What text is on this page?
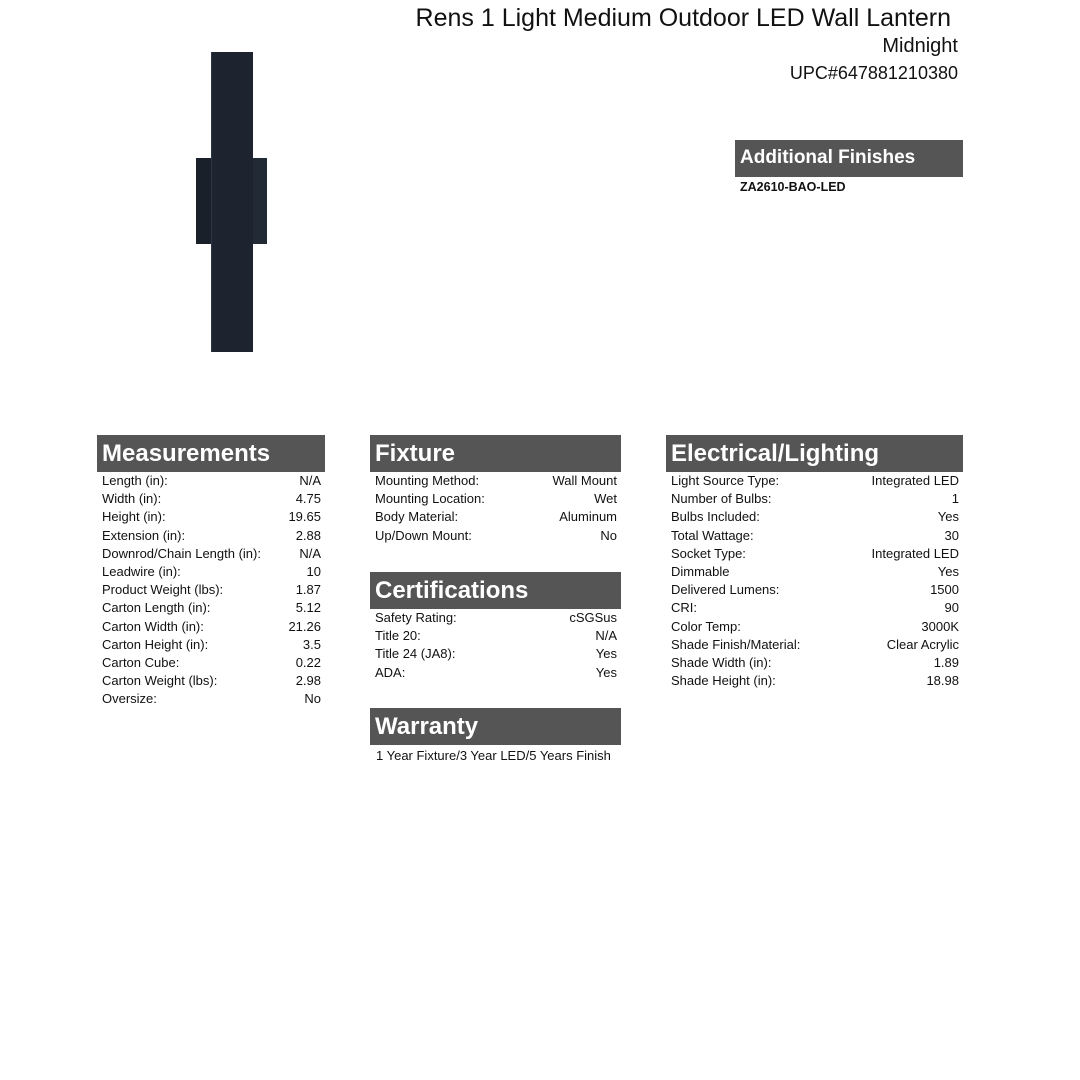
Rens 1 Light Medium Outdoor LED Wall Lantern
Midnight
UPC#647881210380
Additional Finishes
ZA2610-BAO-LED
Measurements
Length (in):	N/A
Width (in):	4.75
Height (in):	19.65
Extension (in):	2.88
Downrod/Chain Length (in):	N/A
Leadwire (in):	10
Product Weight (lbs):	1.87
Carton Length (in):	5.12
Carton Width (in):	21.26
Carton Height (in):	3.5
Carton Cube:	0.22
Carton Weight (lbs):	2.98
Oversize:	No
Fixture
Mounting Method:	Wall Mount
Mounting Location:	Wet
Body Material:	Aluminum
Up/Down Mount:	No
Certifications
Safety Rating:	cSGSus
Title 20:	N/A
Title 24 (JA8):	Yes
ADA:	Yes
Warranty
1 Year Fixture/3 Year LED/5 Years Finish
Electrical/Lighting
Light Source Type:	Integrated LED
Number of Bulbs:	1
Bulbs Included:	Yes
Total Wattage:	30
Socket Type:	Integrated LED
Dimmable	Yes
Delivered Lumens:	1500
CRI:	90
Color Temp:	3000K
Shade Finish/Material:	Clear Acrylic
Shade Width (in):	1.89
Shade Height (in):	18.98
